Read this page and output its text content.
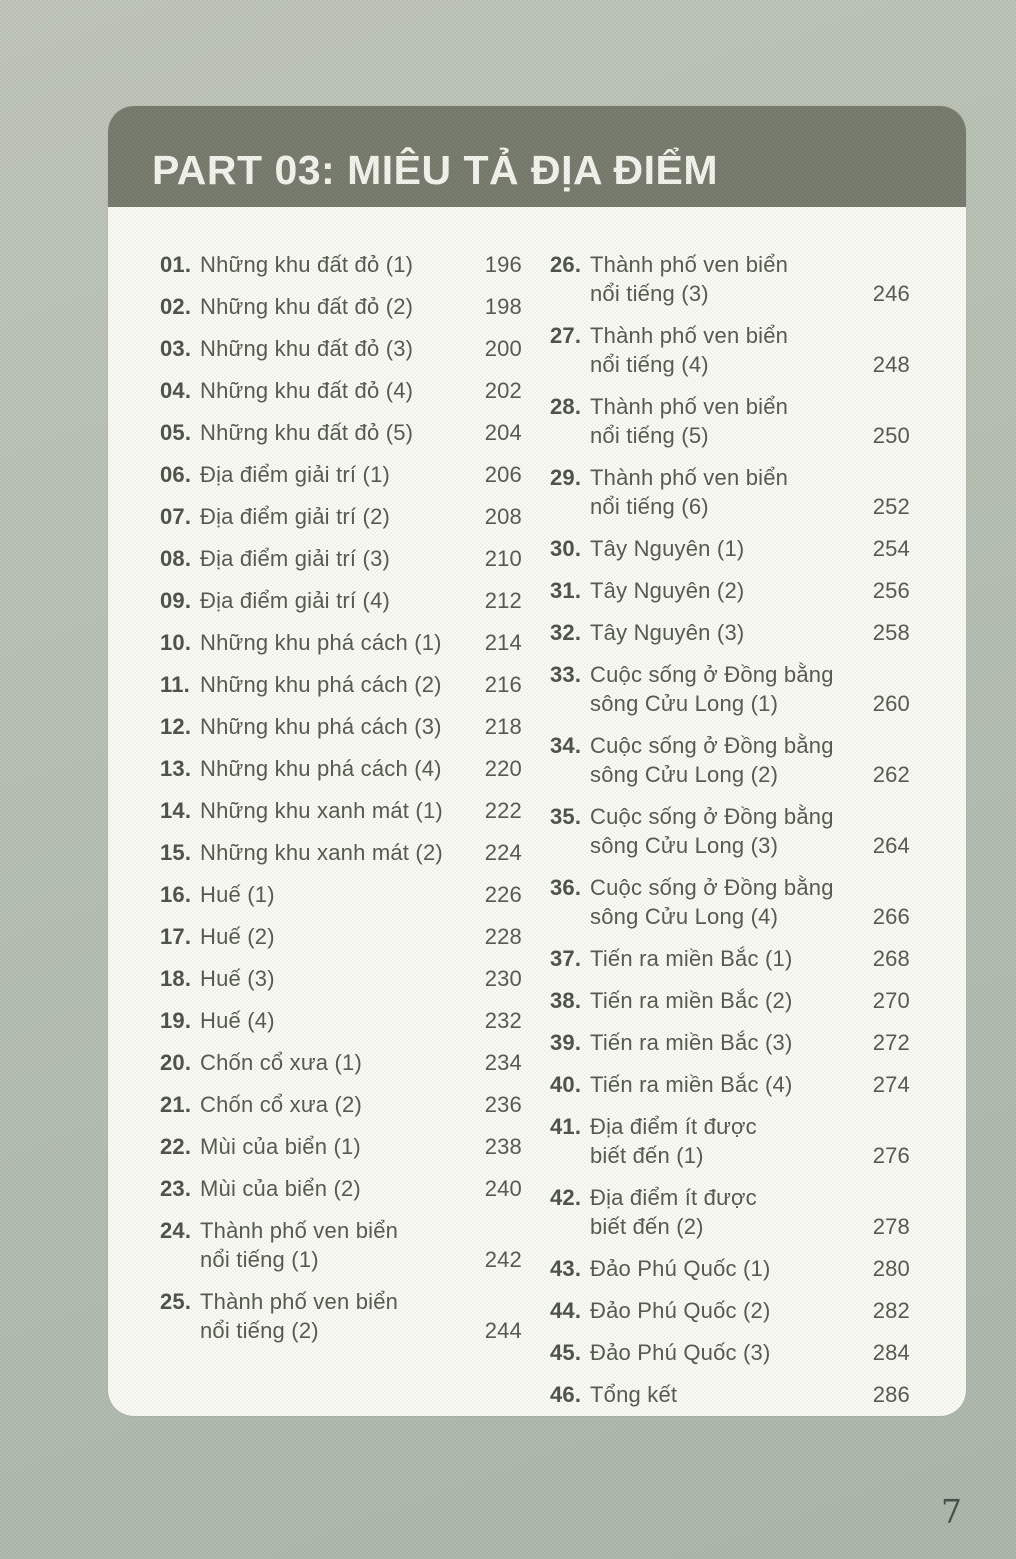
PART 03: MIÊU TẢ ĐỊA ĐIỂM
01. Những khu đất đỏ (1)	196
02. Những khu đất đỏ (2)	198
03. Những khu đất đỏ (3)	200
04. Những khu đất đỏ (4)	202
05. Những khu đất đỏ (5)	204
06. Địa điểm giải trí (1)	206
07. Địa điểm giải trí (2)	208
08. Địa điểm giải trí (3)	210
09. Địa điểm giải trí (4)	212
10. Những khu phá cách (1)	214
11. Những khu phá cách (2)	216
12. Những khu phá cách (3)	218
13. Những khu phá cách (4)	220
14. Những khu xanh mát (1)	222
15. Những khu xanh mát (2)	224
16. Huế (1)	226
17. Huế (2)	228
18. Huế (3)	230
19. Huế (4)	232
20. Chốn cổ xưa (1)	234
21. Chốn cổ xưa (2)	236
22. Mùi của biển (1)	238
23. Mùi của biển (2)	240
24. Thành phố ven biển
nổi tiếng (1)	242
25. Thành phố ven biển
nổi tiếng (2)	244
26. Thành phố ven biển
nổi tiếng (3)	246
27. Thành phố ven biển
nổi tiếng (4)	248
28. Thành phố ven biển
nổi tiếng (5)	250
29. Thành phố ven biển
nổi tiếng (6)	252
30. Tây Nguyên (1)	254
31. Tây Nguyên (2)	256
32. Tây Nguyên (3)	258
33. Cuộc sống ở Đồng bằng
sông Cửu Long (1)	260
34. Cuộc sống ở Đồng bằng
sông Cửu Long (2)	262
35. Cuộc sống ở Đồng bằng
sông Cửu Long (3)	264
36. Cuộc sống ở Đồng bằng
sông Cửu Long (4)	266
37. Tiến ra miền Bắc (1)	268
38. Tiến ra miền Bắc (2)	270
39. Tiến ra miền Bắc (3)	272
40. Tiến ra miền Bắc (4)	274
41. Địa điểm ít được
biết đến (1)	276
42. Địa điểm ít được
biết đến (2)	278
43. Đảo Phú Quốc (1)	280
44. Đảo Phú Quốc (2)	282
45. Đảo Phú Quốc (3)	284
46. Tổng kết	286
7
